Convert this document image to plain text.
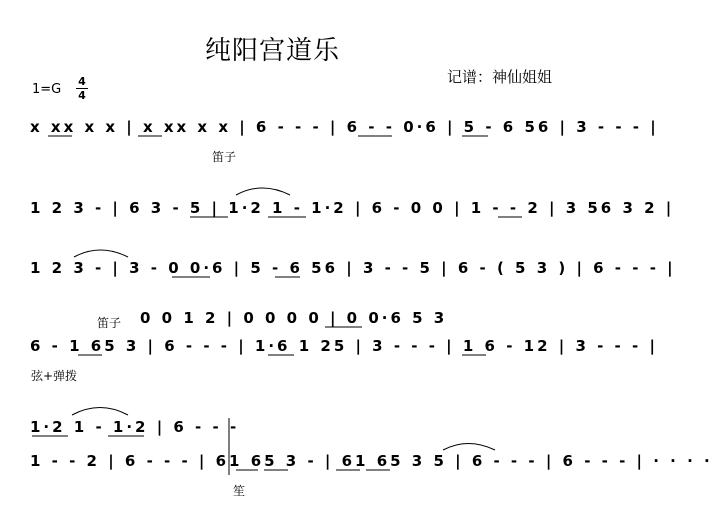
纯阳宫道乐
记谱：神仙姐姐
1=G
4
4
x xx x x | x xx x x | 6 - - - | 6 - - 0·6 | 5 - 6 56 | 3 - - - |
笛子
1 2 3 - | 6 3 - 5 | 1·2 1 - 1·2 | 6 - 0 0 | 1 - - 2 | 3 56 3 2 |
1 2 3 - | 3 - 0 0·6 | 5 - 6 56 | 3 - - 5 | 6 - ( 5 3 ) | 6 - - - |
笛子 0 0 1 2 | 0 0 0 0 | 0 0·6 5 3
6 - 1 65 3 | 6 - - - | 1·6 1 25 | 3 - - - | 1 6 - 12 | 3 - - - |
弦+弹拨
1·2 1 - 1·2 | 6 - - -
1 - - 2 | 6 - - - | 61 65 3 - | 61 65 3 5 | 6 - - - | 6 - - - | · · · ·
笙
